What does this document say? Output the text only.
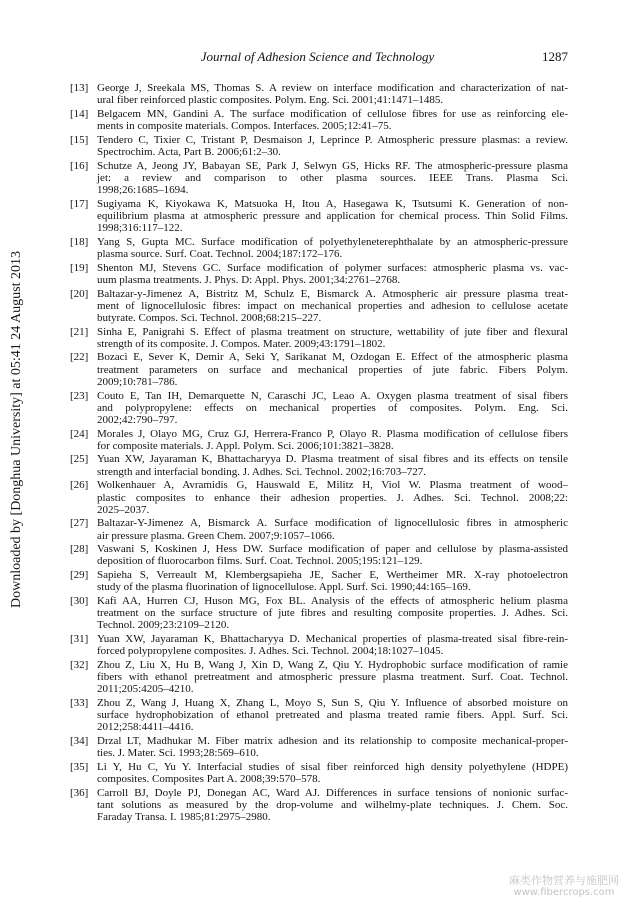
Journal of Adhesion Science and Technology	1287
Downloaded by [Donghua University] at 05:41 24 August 2013
[13] George J, Sreekala MS, Thomas S. A review on interface modification and characterization of nat-
ural fiber reinforced plastic composites. Polym. Eng. Sci. 2001;41:1471–1485.
[14] Belgacem MN, Gandini A. The surface modification of cellulose fibres for use as reinforcing ele-
ments in composite materials. Compos. Interfaces. 2005;12:41–75.
[15] Tendero C, Tixier C, Tristant P, Desmaison J, Leprince P. Atmospheric pressure plasmas: a review.
Spectrochim. Acta, Part B. 2006;61:2–30.
[16] Schutze A, Jeong JY, Babayan SE, Park J, Selwyn GS, Hicks RF. The atmospheric-pressure plasma
jet: a review and comparison to other plasma sources. IEEE Trans. Plasma Sci.
1998;26:1685–1694.
[17] Sugiyama K, Kiyokawa K, Matsuoka H, Itou A, Hasegawa K, Tsutsumi K. Generation of non-
equilibrium plasma at atmospheric pressure and application for chemical process. Thin Solid Films.
1998;316:117–122.
[18] Yang S, Gupta MC. Surface modification of polyethyleneterephthalate by an atmospheric-pressure
plasma source. Surf. Coat. Technol. 2004;187:172–176.
[19] Shenton MJ, Stevens GC. Surface modification of polymer surfaces: atmospheric plasma vs. vac-
uum plasma treatments. J. Phys. D: Appl. Phys. 2001;34:2761–2768.
[20] Baltazar-y-Jimenez A, Bistritz M, Schulz E, Bismarck A. Atmospheric air pressure plasma treat-
ment of lignocellulosic fibres: impact on mechanical properties and adhesion to cellulose acetate
butyrate. Compos. Sci. Technol. 2008;68:215–227.
[21] Sinha E, Panigrahi S. Effect of plasma treatment on structure, wettability of jute fiber and flexural
strength of its composite. J. Compos. Mater. 2009;43:1791–1802.
[22] Bozaci E, Sever K, Demir A, Seki Y, Sarikanat M, Ozdogan E. Effect of the atmospheric plasma
treatment parameters on surface and mechanical properties of jute fabric. Fibers Polym.
2009;10:781–786.
[23] Couto E, Tan IH, Demarquette N, Caraschi JC, Leao A. Oxygen plasma treatment of sisal fibers
and polypropylene: effects on mechanical properties of composites. Polym. Eng. Sci.
2002;42:790–797.
[24] Morales J, Olayo MG, Cruz GJ, Herrera-Franco P, Olayo R. Plasma modification of cellulose fibers
for composite materials. J. Appl. Polym. Sci. 2006;101:3821–3828.
[25] Yuan XW, Jayaraman K, Bhattacharyya D. Plasma treatment of sisal fibres and its effects on tensile
strength and interfacial bonding. J. Adhes. Sci. Technol. 2002;16:703–727.
[26] Wolkenhauer A, Avramidis G, Hauswald E, Militz H, Viol W. Plasma treatment of wood–
plastic composites to enhance their adhesion properties. J. Adhes. Sci. Technol. 2008;22:
2025–2037.
[27] Baltazar-Y-Jimenez A, Bismarck A. Surface modification of lignocellulosic fibres in atmospheric
air pressure plasma. Green Chem. 2007;9:1057–1066.
[28] Vaswani S, Koskinen J, Hess DW. Surface modification of paper and cellulose by plasma-assisted
deposition of fluorocarbon films. Surf. Coat. Technol. 2005;195:121–129.
[29] Sapieha S, Verreault M, Klembergsapieha JE, Sacher E, Wertheimer MR. X-ray photoelectron
study of the plasma fluorination of lignocellulose. Appl. Surf. Sci. 1990;44:165–169.
[30] Kafi AA, Hurren CJ, Huson MG, Fox BL. Analysis of the effects of atmospheric helium plasma
treatment on the surface structure of jute fibres and resulting composite properties. J. Adhes. Sci.
Technol. 2009;23:2109–2120.
[31] Yuan XW, Jayaraman K, Bhattacharyya D. Mechanical properties of plasma-treated sisal fibre-rein-
forced polypropylene composites. J. Adhes. Sci. Technol. 2004;18:1027–1045.
[32] Zhou Z, Liu X, Hu B, Wang J, Xin D, Wang Z, Qiu Y. Hydrophobic surface modification of ramie
fibers with ethanol pretreatment and atmospheric pressure plasma treatment. Surf. Coat. Technol.
2011;205:4205–4210.
[33] Zhou Z, Wang J, Huang X, Zhang L, Moyo S, Sun S, Qiu Y. Influence of absorbed moisture on
surface hydrophobization of ethanol pretreated and plasma treated ramie fibers. Appl. Surf. Sci.
2012;258:4411–4416.
[34] Drzal LT, Madhukar M. Fiber matrix adhesion and its relationship to composite mechanical-proper-
ties. J. Mater. Sci. 1993;28:569–610.
[35] Li Y, Hu C, Yu Y. Interfacial studies of sisal fiber reinforced high density polyethylene (HDPE)
composites. Composites Part A. 2008;39:570–578.
[36] Carroll BJ, Doyle PJ, Donegan AC, Ward AJ. Differences in surface tensions of nonionic surfac-
tant solutions as measured by the drop-volume and wilhelmy-plate techniques. J. Chem. Soc.
Faraday Transa. I. 1985;81:2975–2980.
麻类作物营养与施肥网
www.fibercrops.com
